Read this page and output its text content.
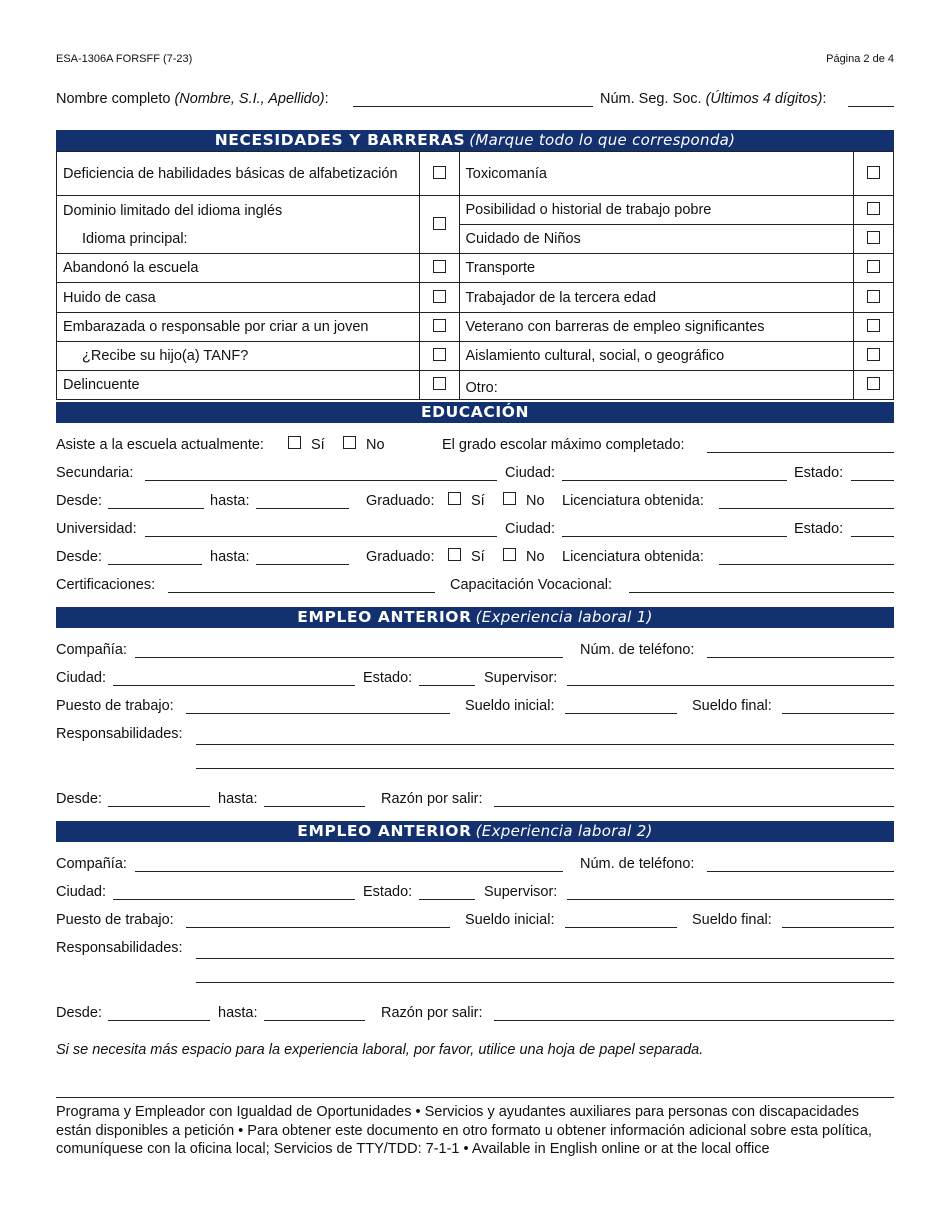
ESA-1306A FORSFF (7-23)	Página 2 de 4
Nombre completo (Nombre, S.I., Apellido):	Núm. Seg. Soc. (Últimos 4 dígitos):
NECESIDADES Y BARRERAS (Marque todo lo que corresponda)
Deficiencia de habilidades básicas de alfabetización		Toxicomanía	
Dominio limitado del idioma inglés
Idioma principal:		Posibilidad o historial de trabajo pobre	
		Cuidado de Niños	
Abandonó la escuela		Transporte	
Huido de casa		Trabajador de la tercera edad	
Embarazada o responsable por criar a un joven		Veterano con barreras de empleo significantes	
¿Recibe su hijo(a) TANF?		Aislamiento cultural, social, o geográfico	
Delincuente		Otro:	
EDUCACIÓN
Asiste a la escuela actualmente:	Sí	No	El grado escolar máximo completado:
Secundaria:	Ciudad:	Estado:
Desde:	hasta:	Graduado:	Sí	No Licenciatura obtenida:
Universidad:	Ciudad:	Estado:
Desde:	hasta:	Graduado:	Sí	No Licenciatura obtenida:
Certificaciones:	Capacitación Vocacional:
EMPLEO ANTERIOR (Experiencia laboral 1)
Compañía:	Núm. de teléfono:
Ciudad:	Estado:	Supervisor:
Puesto de trabajo:	Sueldo inicial:	Sueldo final:
Responsabilidades:
Desde:	hasta:	Razón por salir:
EMPLEO ANTERIOR (Experiencia laboral 2)
Compañía:	Núm. de teléfono:
Ciudad:	Estado:	Supervisor:
Puesto de trabajo:	Sueldo inicial:	Sueldo final:
Responsabilidades:
Desde:	hasta:	Razón por salir:
Si se necesita más espacio para la experiencia laboral, por favor, utilice una hoja de papel separada.
Programa y Empleador con Igualdad de Oportunidades • Servicios y ayudantes auxiliares para personas con discapacidades están disponibles a petición • Para obtener este documento en otro formato u obtener información adicional sobre esta política, comuníquese con la oficina local; Servicios de TTY/TDD: 7-1-1 • Available in English online or at the local office
